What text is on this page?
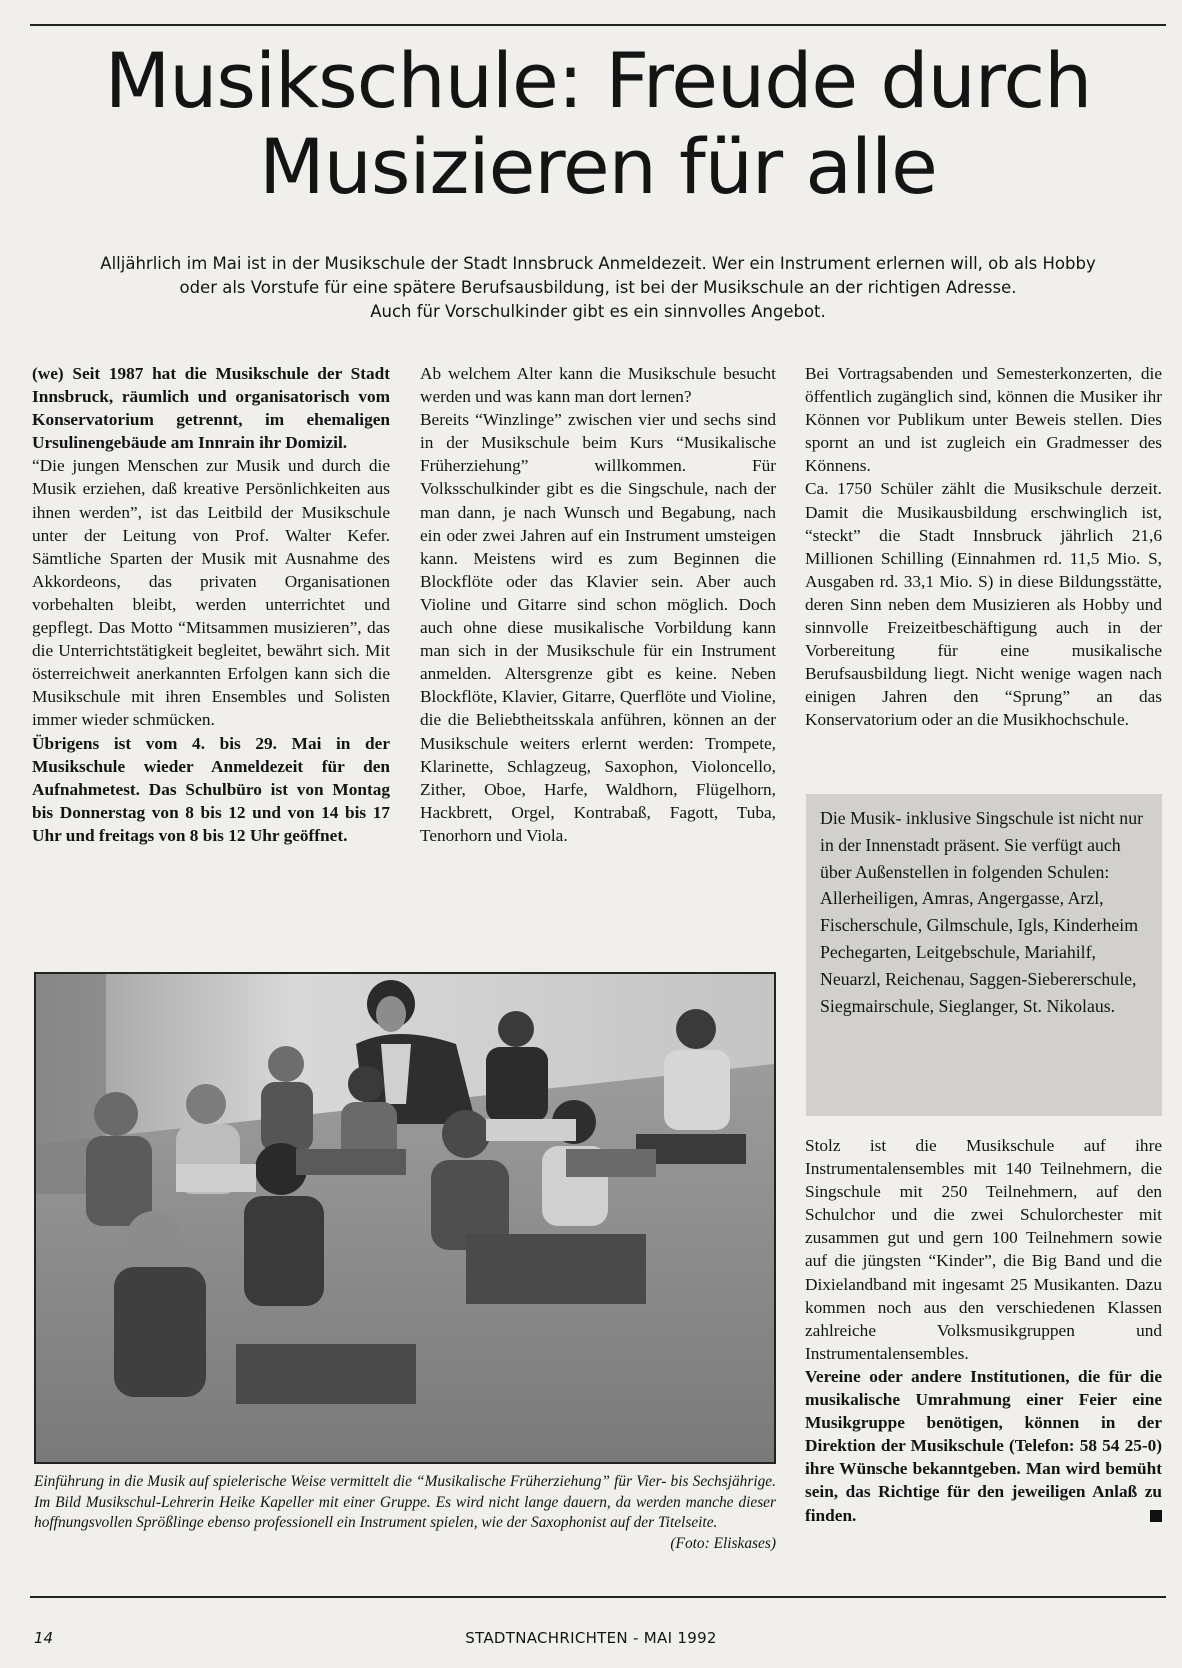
Musikschule: Freude durch
Musizieren für alle

Alljährlich im Mai ist in der Musikschule der Stadt Innsbruck Anmeldezeit. Wer ein Instrument erlernen will, ob als Hobby
oder als Vorstufe für eine spätere Berufsausbildung, ist bei der Musikschule an der richtigen Adresse.
Auch für Vorschulkinder gibt es ein sinnvolles Angebot.

(we) Seit 1987 hat die Musikschule der Stadt Innsbruck, räumlich und organisatorisch vom Konservatorium getrennt, im ehemaligen Ursulinengebäude am Innrain ihr Domizil.

“Die jungen Menschen zur Musik und durch die Musik erziehen, daß kreative Persönlichkeiten aus ihnen werden”, ist das Leitbild der Musikschule unter der Leitung von Prof. Walter Kefer. Sämtliche Sparten der Musik mit Ausnahme des Akkordeons, das privaten Organisationen vorbehalten bleibt, werden unterrichtet und gepflegt. Das Motto “Mitsammen musizieren”, das die Unterrichtstätigkeit begleitet, bewährt sich. Mit österreichweit anerkannten Erfolgen kann sich die Musikschule mit ihren Ensembles und Solisten immer wieder schmücken.

Übrigens ist vom 4. bis 29. Mai in der Musikschule wieder Anmeldezeit für den Aufnahmetest. Das Schulbüro ist von Montag bis Donnerstag von 8 bis 12 und von 14 bis 17 Uhr und freitags von 8 bis 12 Uhr geöffnet.

Ab welchem Alter kann die Musikschule besucht werden und was kann man dort lernen?

Bereits “Winzlinge” zwischen vier und sechs sind in der Musikschule beim Kurs “Musikalische Früherziehung” willkommen. Für Volksschulkinder gibt es die Singschule, nach der man dann, je nach Wunsch und Begabung, nach ein oder zwei Jahren auf ein Instrument umsteigen kann. Meistens wird es zum Beginnen die Blockflöte oder das Klavier sein. Aber auch Violine und Gitarre sind schon möglich. Doch auch ohne diese musikalische Vorbildung kann man sich in der Musikschule für ein Instrument anmelden. Altersgrenze gibt es keine. Neben Blockflöte, Klavier, Gitarre, Querflöte und Violine, die die Beliebtheitsskala anführen, können an der Musikschule weiters erlernt werden: Trompete, Klarinette, Schlagzeug, Saxophon, Violoncello, Zither, Oboe, Harfe, Waldhorn, Flügelhorn, Hackbrett, Orgel, Kontrabaß, Fagott, Tuba, Tenorhorn und Viola.

Bei Vortragsabenden und Semesterkonzerten, die öffentlich zugänglich sind, können die Musiker ihr Können vor Publikum unter Beweis stellen. Dies spornt an und ist zugleich ein Gradmesser des Könnens.

Ca. 1750 Schüler zählt die Musikschule derzeit. Damit die Musikausbildung erschwinglich ist, “steckt” die Stadt Innsbruck jährlich 21,6 Millionen Schilling (Einnahmen rd. 11,5 Mio. S, Ausgaben rd. 33,1 Mio. S) in diese Bildungsstätte, deren Sinn neben dem Musizieren als Hobby und sinnvolle Freizeitbeschäftigung auch in der Vorbereitung für eine musikalische Berufsausbildung liegt. Nicht wenige wagen nach einigen Jahren den “Sprung” an das Konservatorium oder an die Musikhochschule.

Die Musik- inklusive Singschule ist nicht nur in der Innenstadt präsent. Sie verfügt auch über Außenstellen in folgenden Schulen: Allerheiligen, Amras, Angergasse, Arzl, Fischerschule, Gilmschule, Igls, Kinderheim Pechegarten, Leitgebschule, Mariahilf, Neuarzl, Reichenau, Saggen-Siebererschule, Siegmairschule, Sieglanger, St. Nikolaus.

Stolz ist die Musikschule auf ihre Instrumentalensembles mit 140 Teilnehmern, die Singschule mit 250 Teilnehmern, auf den Schulchor und die zwei Schulorchester mit zusammen gut und gern 100 Teilnehmern sowie auf die jüngsten “Kinder”, die Big Band und die Dixielandband mit ingesamt 25 Musikanten. Dazu kommen noch aus den verschiedenen Klassen zahlreiche Volksmusikgruppen und Instrumentalensembles.

Vereine oder andere Institutionen, die für die musikalische Umrahmung einer Feier eine Musikgruppe benötigen, können in der Direktion der Musikschule (Telefon: 58 54 25-0) ihre Wünsche bekanntgeben. Man wird bemüht sein, das Richtige für den jeweiligen Anlaß zu finden.

Einführung in die Musik auf spielerische Weise vermittelt die “Musikalische Früherziehung” für Vier- bis Sechsjährige. Im Bild Musikschul-Lehrerin Heike Kapeller mit einer Gruppe. Es wird nicht lange dauern, da werden manche dieser hoffnungsvollen Sprößlinge ebenso professionell ein Instrument spielen, wie der Saxophonist auf der Titelseite.
(Foto: Eliskases)

14	STADTNACHRICHTEN - MAI 1992
